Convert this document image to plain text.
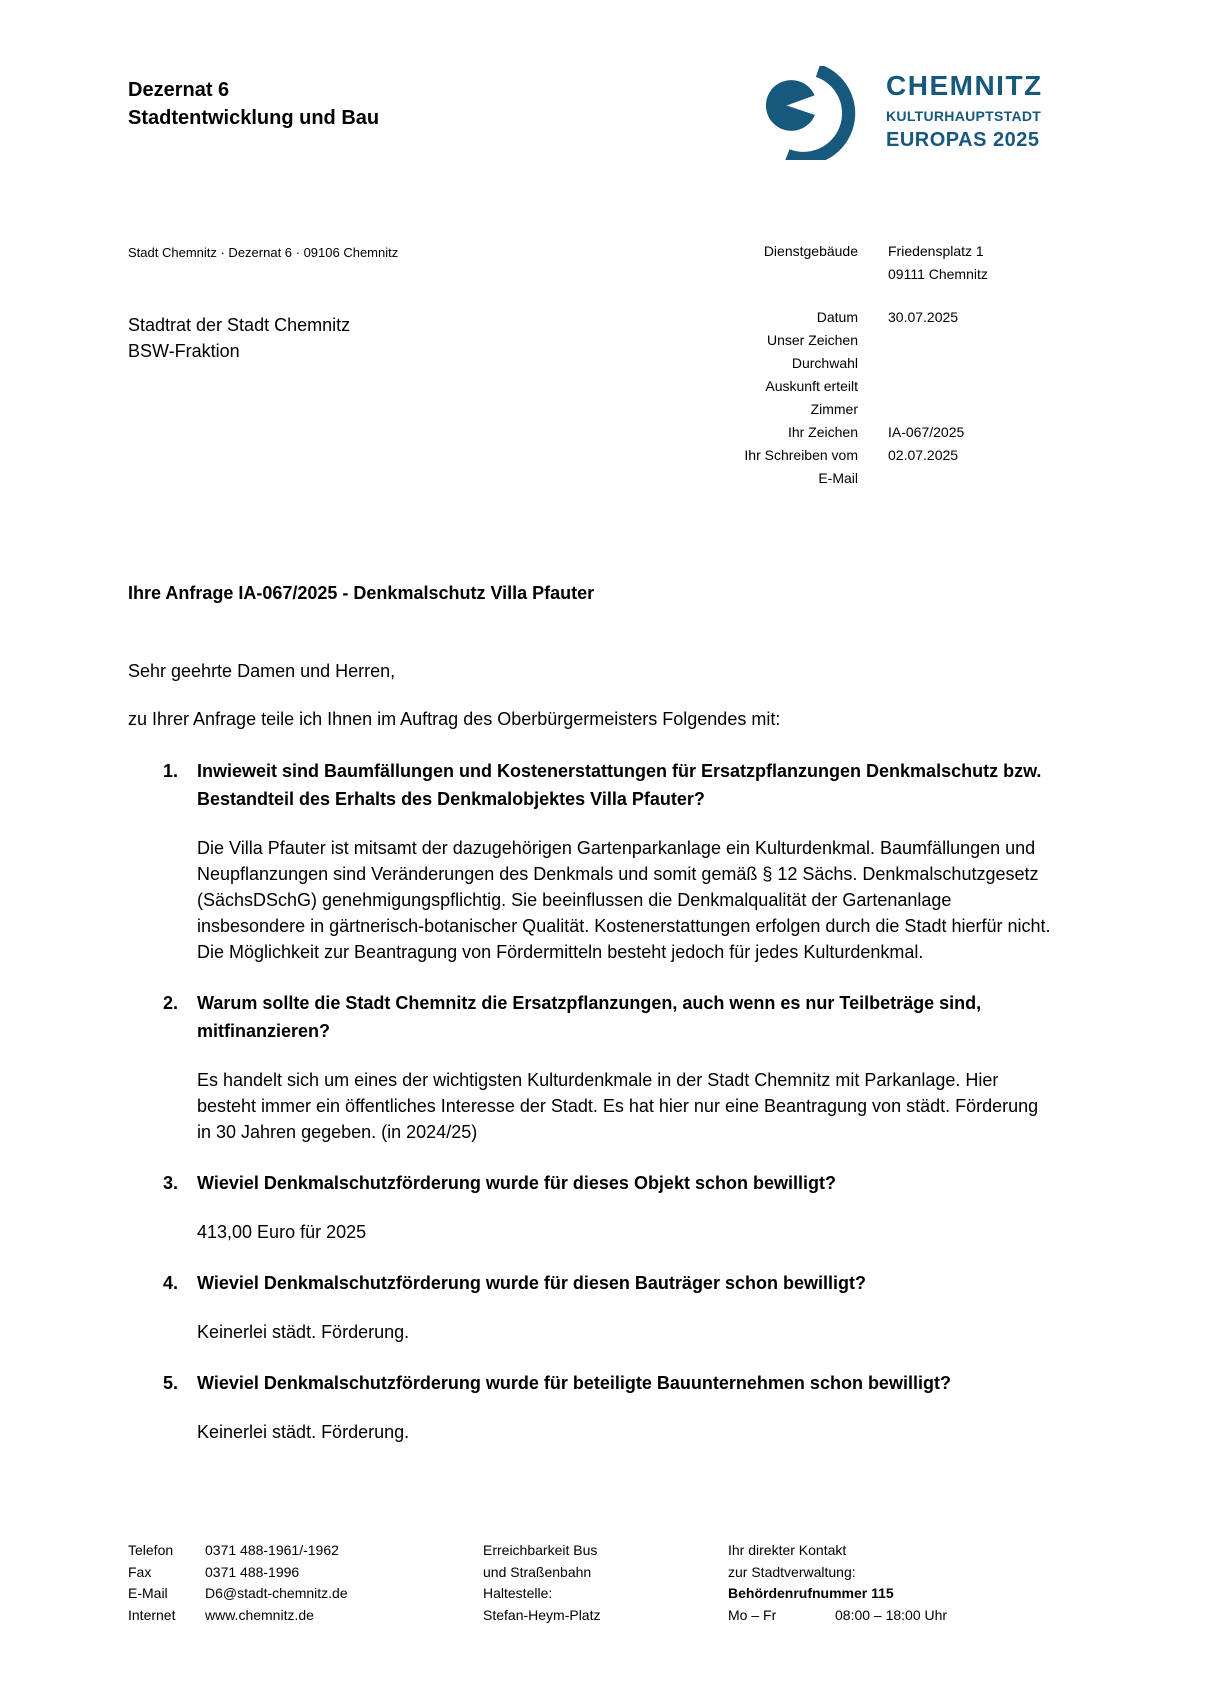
Dezernat 6
Stadtentwicklung und Bau
CHEMNITZ
KULTURHAUPTSTADT
EUROPAS 2025
Stadt Chemnitz · Dezernat 6 · 09106 Chemnitz
Stadtrat der Stadt Chemnitz
BSW-Fraktion
Dienstgebäude	Friedensplatz 1
09111 Chemnitz
Datum	30.07.2025
Unser Zeichen
Durchwahl
Auskunft erteilt
Zimmer
Ihr Zeichen	IA-067/2025
Ihr Schreiben vom	02.07.2025
E-Mail
Ihre Anfrage IA-067/2025 - Denkmalschutz Villa Pfauter
Sehr geehrte Damen und Herren,
zu Ihrer Anfrage teile ich Ihnen im Auftrag des Oberbürgermeisters Folgendes mit:
1.	Inwieweit sind Baumfällungen und Kostenerstattungen für Ersatzpflanzungen Denkmalschutz bzw. Bestandteil des Erhalts des Denkmalobjektes Villa Pfauter?
Die Villa Pfauter ist mitsamt der dazugehörigen Gartenparkanlage ein Kulturdenkmal. Baumfällungen und Neupflanzungen sind Veränderungen des Denkmals und somit gemäß § 12 Sächs. Denkmalschutzgesetz (SächsDSchG) genehmigungspflichtig. Sie beeinflussen die Denkmalqualität der Gartenanlage insbesondere in gärtnerisch-botanischer Qualität. Kostenerstattungen erfolgen durch die Stadt hierfür nicht. Die Möglichkeit zur Beantragung von Fördermitteln besteht jedoch für jedes Kulturdenkmal.
2.	Warum sollte die Stadt Chemnitz die Ersatzpflanzungen, auch wenn es nur Teilbeträge sind, mitfinanzieren?
Es handelt sich um eines der wichtigsten Kulturdenkmale in der Stadt Chemnitz mit Parkanlage. Hier besteht immer ein öffentliches Interesse der Stadt. Es hat hier nur eine Beantragung von städt. Förderung in 30 Jahren gegeben. (in 2024/25)
3.	Wieviel Denkmalschutzförderung wurde für dieses Objekt schon bewilligt?
413,00 Euro für 2025
4.	Wieviel Denkmalschutzförderung wurde für diesen Bauträger schon bewilligt?
Keinerlei städt. Förderung.
5.	Wieviel Denkmalschutzförderung wurde für beteiligte Bauunternehmen schon bewilligt?
Keinerlei städt. Förderung.
Telefon	0371 488-1961/-1962
Fax	0371 488-1996
E-Mail	D6@stadt-chemnitz.de
Internet	www.chemnitz.de
Erreichbarkeit Bus
und Straßenbahn
Haltestelle:
Stefan-Heym-Platz
Ihr direkter Kontakt
zur Stadtverwaltung:
Behördenrufnummer 115
Mo – Fr	08:00 – 18:00 Uhr
